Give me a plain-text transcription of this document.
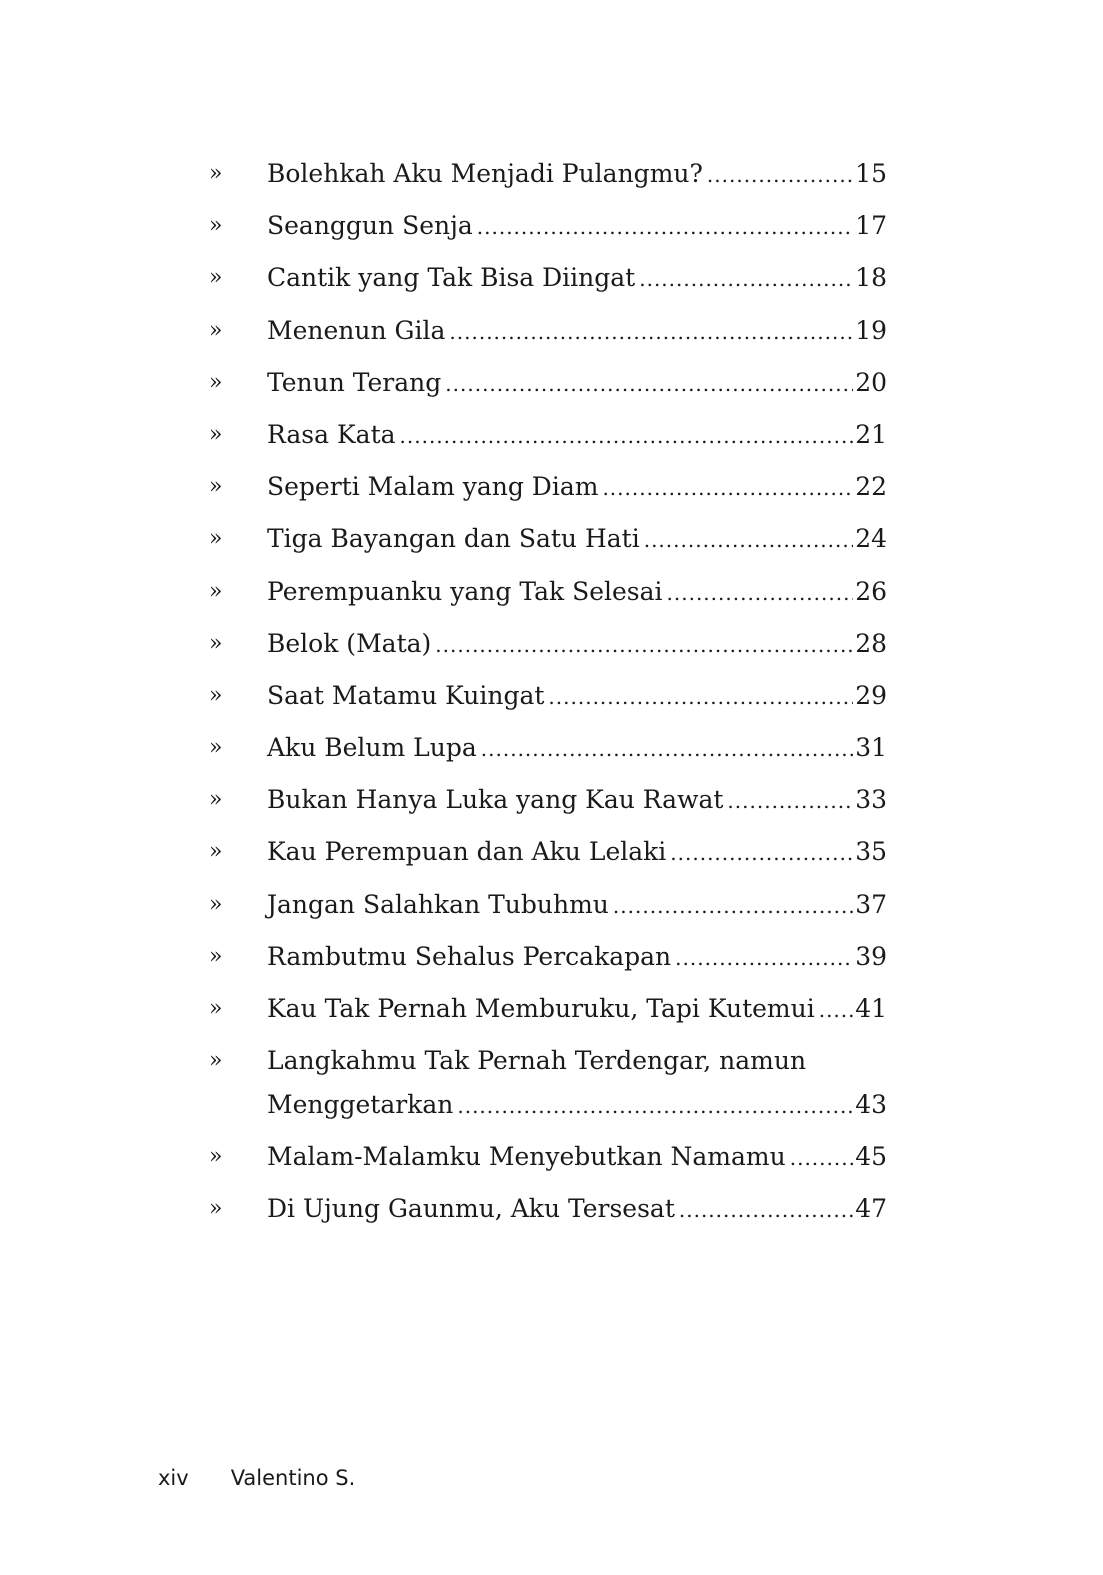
» Bolehkah Aku Menjadi Pulangmu? .....	15
» Seanggun Senja .....	17
» Cantik yang Tak Bisa Diingat .....	18
» Menenun Gila .....	19
» Tenun Terang .....	20
» Rasa Kata .....	21
» Seperti Malam yang Diam .....	22
» Tiga Bayangan dan Satu Hati .....	24
» Perempuanku yang Tak Selesai .....	26
» Belok (Mata) .....	28
» Saat Matamu Kuingat .....	29
» Aku Belum Lupa .....	31
» Bukan Hanya Luka yang Kau Rawat .....	33
» Kau Perempuan dan Aku Lelaki .....	35
» Jangan Salahkan Tubuhmu .....	37
» Rambutmu Sehalus Percakapan .....	39
» Kau Tak Pernah Memburuku, Tapi Kutemui ..... 41
» Langkahmu Tak Pernah Terdengar, namun
Menggetarkan .....	43
» Malam-Malamku Menyebutkan Namamu .....	45
» Di Ujung Gaunmu, Aku Tersesat .....	47
xiv Valentino S.
